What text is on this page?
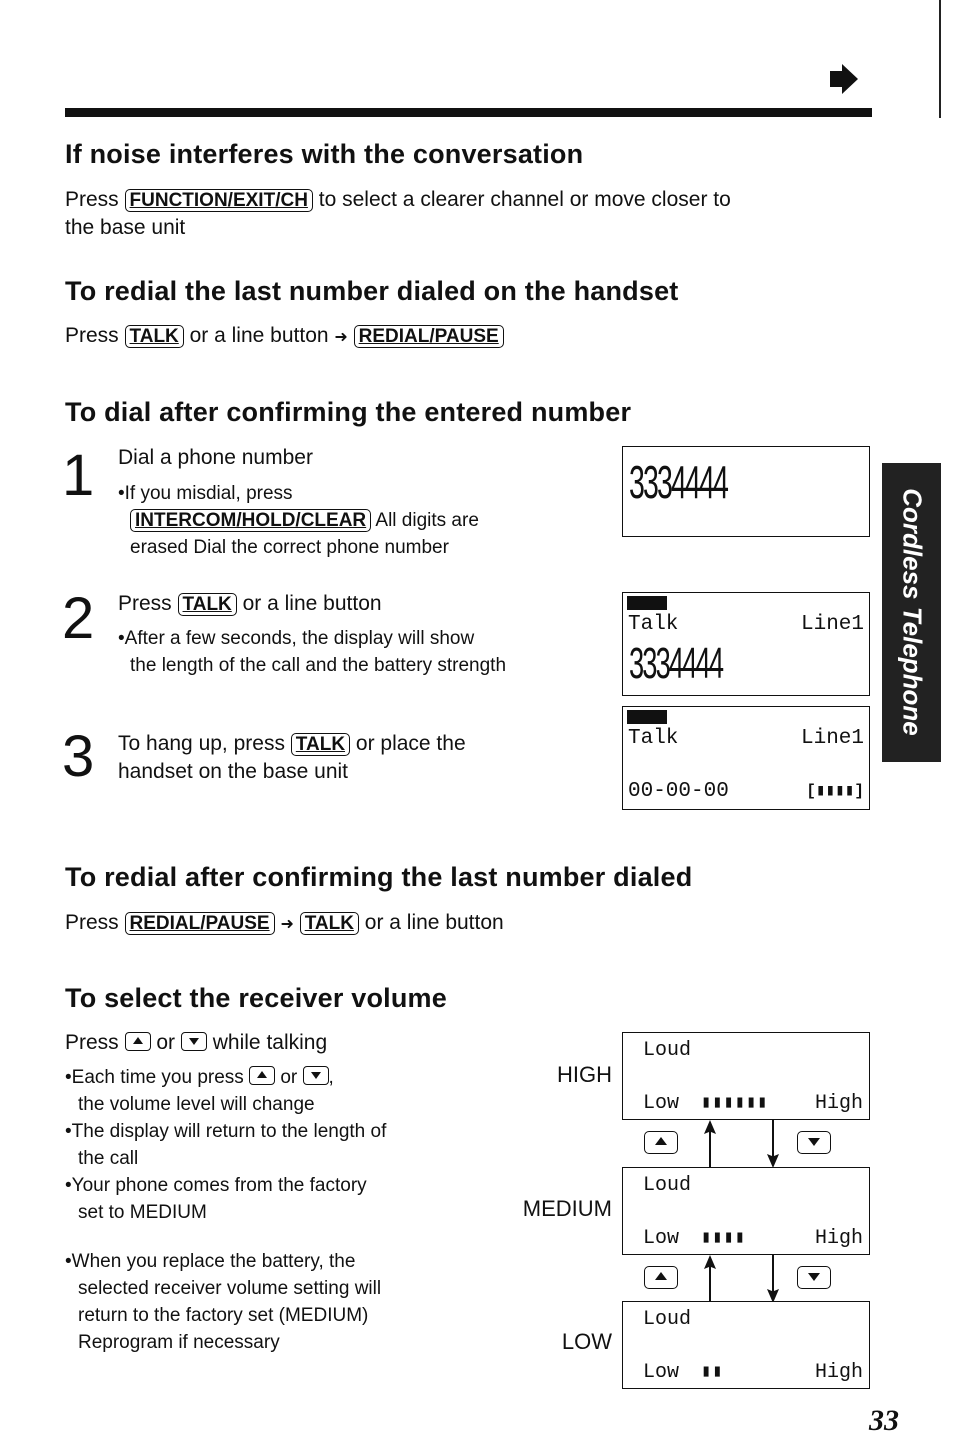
If noise interferes with the conversation

Press FUNCTION/EXIT/CH to select a clearer channel or move closer to
the base unit

To redial the last number dialed on the handset

Press TALK or a line button ➜ REDIAL/PAUSE

To dial after confirming the entered number
1 Dial a phone number

•If you misdial, press
INTERCOM/HOLD/CLEAR All digits are
erased Dial the correct phone number

2 Press TALK or a line button

•After a few seconds, the display will show
the length of the call and the battery strength

3 To hang up, press TALK or place the
handset on the base unit

3334444
Talk	Line1
3334444
Talk	Line1
00-00-00	[▮▮▮▮]
Cordless Telephone
To redial after confirming the last number dialed

Press REDIAL/PAUSE ➜ TALK or a line button

To select the receiver volume

Press or while talking

•Each time you press or ,
the volume level will change
•The display will return to the length of
the call
•Your phone comes from the factory
set to MEDIUM

•When you replace the battery, the
selected receiver volume setting will
return to the factory set (MEDIUM)
Reprogram if necessary

HIGH
Loud
Low ▮▮▮▮▮▮ High
MEDIUM
Loud
Low ▮▮▮▮	High
LOW
Loud
Low ▮▮	High
33
